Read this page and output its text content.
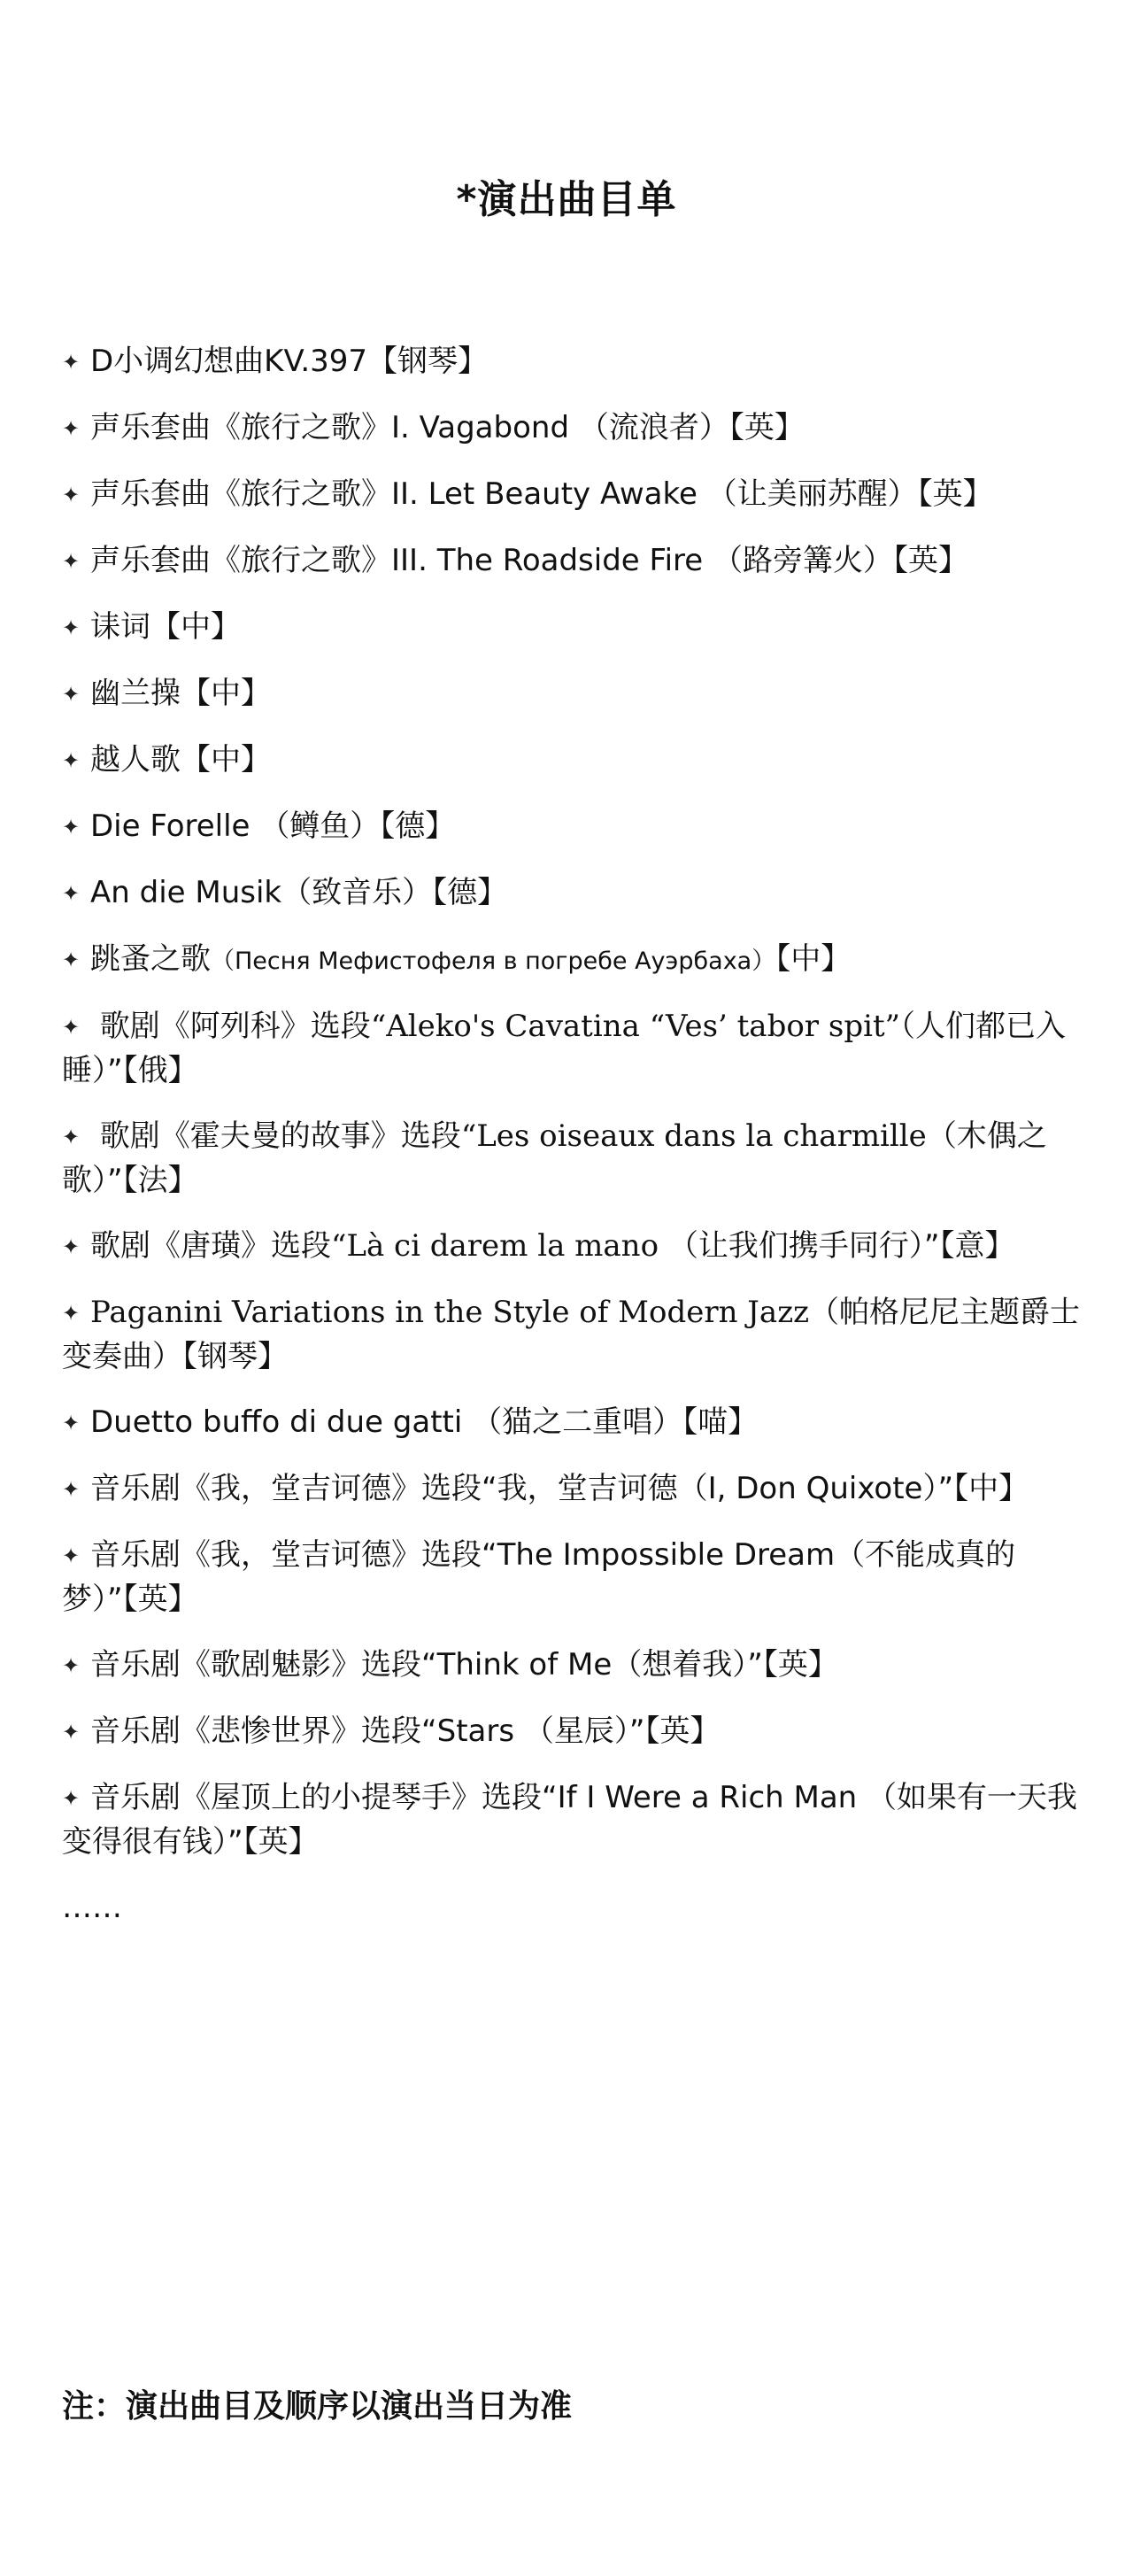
*演出曲目单
✦ D小调幻想曲KV.397【钢琴】
✦ 声乐套曲《旅行之歌》I. Vagabond （流浪者）【英】
✦ 声乐套曲《旅行之歌》II. Let Beauty Awake （让美丽苏醒）【英】
✦ 声乐套曲《旅行之歌》III. The Roadside Fire （路旁篝火）【英】
✦ 诔词【中】
✦ 幽兰操【中】
✦ 越人歌【中】
✦ Die Forelle （鳟鱼）【德】
✦ An die Musik（致音乐）【德】
✦ 跳蚤之歌（Песня Мефистофеля в погребе Ауэрбаха）【中】
✦ 歌剧《阿列科》选段“Aleko's Cavatina “Ves’ tabor spit”（人们都已入睡）”【俄】
✦ 歌剧《霍夫曼的故事》选段“Les oiseaux dans la charmille（木偶之歌）”【法】
✦ 歌剧《唐璜》选段“Là ci darem la mano （让我们携手同行）”【意】
✦ Paganini Variations in the Style of Modern Jazz（帕格尼尼主题爵士变奏曲）【钢琴】
✦ Duetto buffo di due gatti （猫之二重唱）【喵】
✦ 音乐剧《我，堂吉诃德》选段“我，堂吉诃德（I, Don Quixote）”【中】
✦ 音乐剧《我，堂吉诃德》选段“The Impossible Dream（不能成真的梦）”【英】
✦ 音乐剧《歌剧魅影》选段“Think of Me（想着我）”【英】
✦ 音乐剧《悲惨世界》选段“Stars （星辰）”【英】
✦ 音乐剧《屋顶上的小提琴手》选段“If I Were a Rich Man （如果有一天我变得很有钱）”【英】
……

注：演出曲目及顺序以演出当日为准
